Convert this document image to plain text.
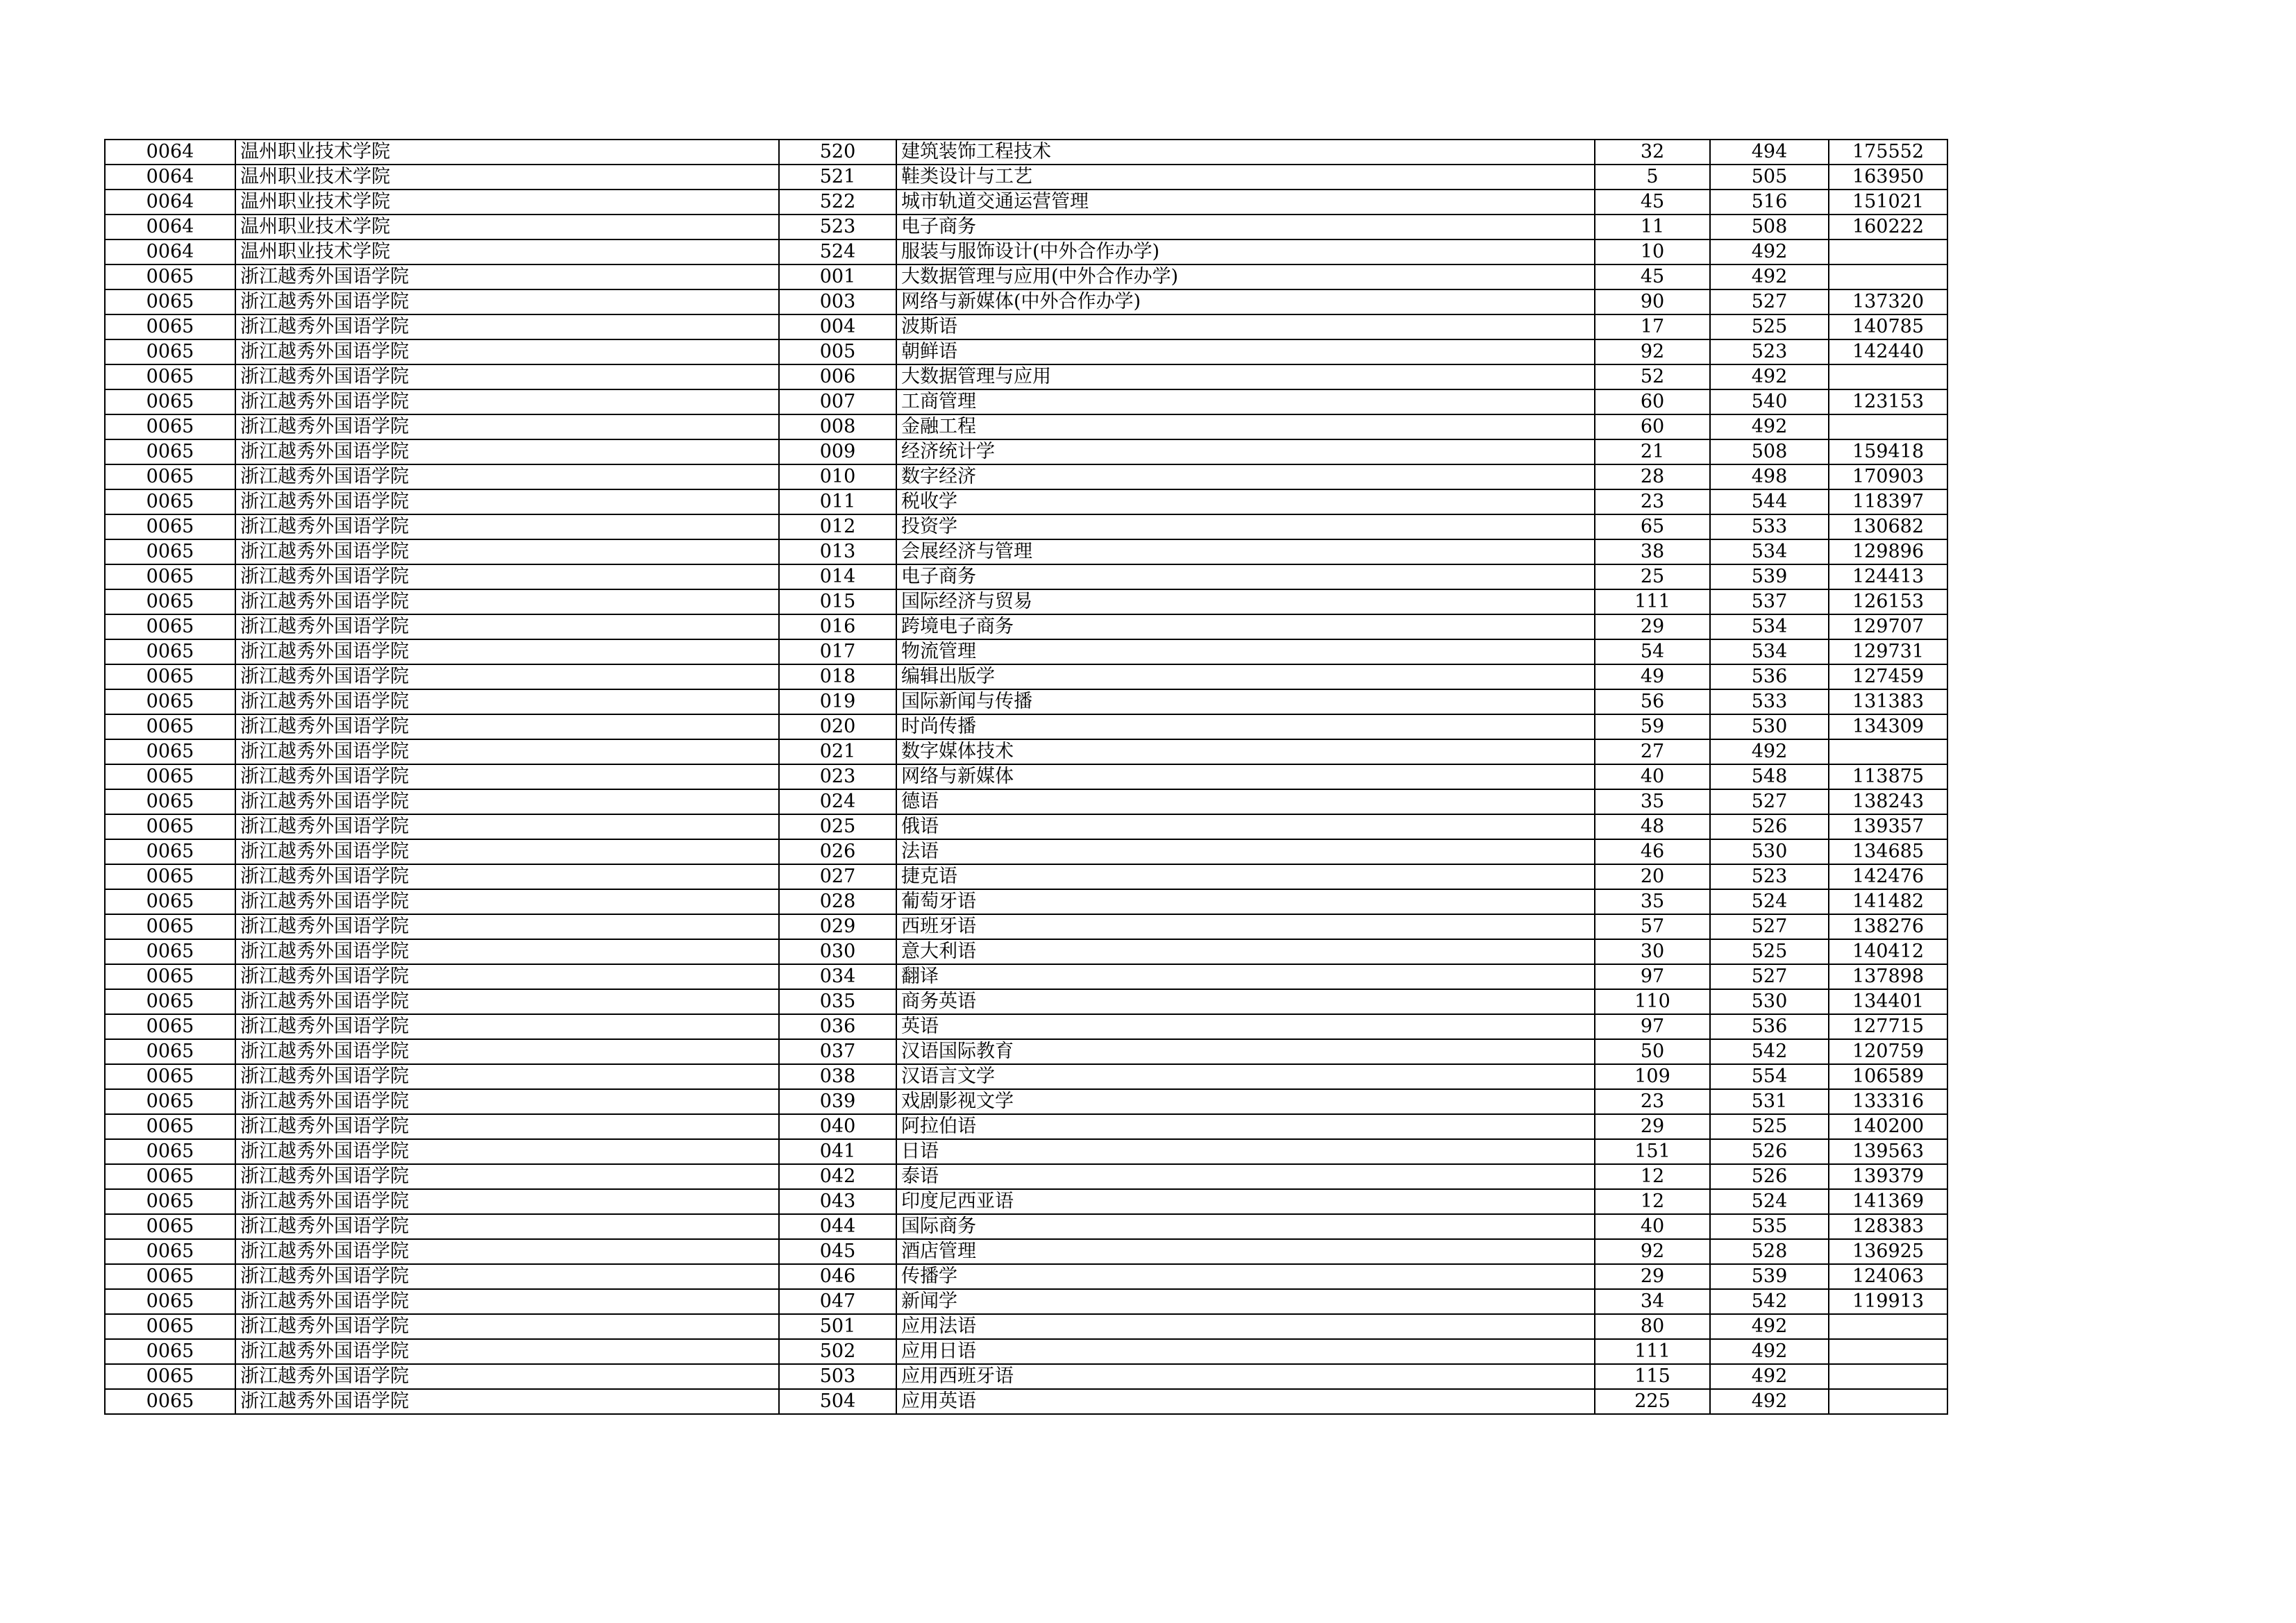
0064	温州职业技术学院	520	建筑装饰工程技术	32	494	175552
0064	温州职业技术学院	521	鞋类设计与工艺	5	505	163950
0064	温州职业技术学院	522	城市轨道交通运营管理	45	516	151021
0064	温州职业技术学院	523	电子商务	11	508	160222
0064	温州职业技术学院	524	服装与服饰设计(中外合作办学)	10	492	
0065	浙江越秀外国语学院	001	大数据管理与应用(中外合作办学)	45	492	
0065	浙江越秀外国语学院	003	网络与新媒体(中外合作办学)	90	527	137320
0065	浙江越秀外国语学院	004	波斯语	17	525	140785
0065	浙江越秀外国语学院	005	朝鲜语	92	523	142440
0065	浙江越秀外国语学院	006	大数据管理与应用	52	492	
0065	浙江越秀外国语学院	007	工商管理	60	540	123153
0065	浙江越秀外国语学院	008	金融工程	60	492	
0065	浙江越秀外国语学院	009	经济统计学	21	508	159418
0065	浙江越秀外国语学院	010	数字经济	28	498	170903
0065	浙江越秀外国语学院	011	税收学	23	544	118397
0065	浙江越秀外国语学院	012	投资学	65	533	130682
0065	浙江越秀外国语学院	013	会展经济与管理	38	534	129896
0065	浙江越秀外国语学院	014	电子商务	25	539	124413
0065	浙江越秀外国语学院	015	国际经济与贸易	111	537	126153
0065	浙江越秀外国语学院	016	跨境电子商务	29	534	129707
0065	浙江越秀外国语学院	017	物流管理	54	534	129731
0065	浙江越秀外国语学院	018	编辑出版学	49	536	127459
0065	浙江越秀外国语学院	019	国际新闻与传播	56	533	131383
0065	浙江越秀外国语学院	020	时尚传播	59	530	134309
0065	浙江越秀外国语学院	021	数字媒体技术	27	492	
0065	浙江越秀外国语学院	023	网络与新媒体	40	548	113875
0065	浙江越秀外国语学院	024	德语	35	527	138243
0065	浙江越秀外国语学院	025	俄语	48	526	139357
0065	浙江越秀外国语学院	026	法语	46	530	134685
0065	浙江越秀外国语学院	027	捷克语	20	523	142476
0065	浙江越秀外国语学院	028	葡萄牙语	35	524	141482
0065	浙江越秀外国语学院	029	西班牙语	57	527	138276
0065	浙江越秀外国语学院	030	意大利语	30	525	140412
0065	浙江越秀外国语学院	034	翻译	97	527	137898
0065	浙江越秀外国语学院	035	商务英语	110	530	134401
0065	浙江越秀外国语学院	036	英语	97	536	127715
0065	浙江越秀外国语学院	037	汉语国际教育	50	542	120759
0065	浙江越秀外国语学院	038	汉语言文学	109	554	106589
0065	浙江越秀外国语学院	039	戏剧影视文学	23	531	133316
0065	浙江越秀外国语学院	040	阿拉伯语	29	525	140200
0065	浙江越秀外国语学院	041	日语	151	526	139563
0065	浙江越秀外国语学院	042	泰语	12	526	139379
0065	浙江越秀外国语学院	043	印度尼西亚语	12	524	141369
0065	浙江越秀外国语学院	044	国际商务	40	535	128383
0065	浙江越秀外国语学院	045	酒店管理	92	528	136925
0065	浙江越秀外国语学院	046	传播学	29	539	124063
0065	浙江越秀外国语学院	047	新闻学	34	542	119913
0065	浙江越秀外国语学院	501	应用法语	80	492	
0065	浙江越秀外国语学院	502	应用日语	111	492	
0065	浙江越秀外国语学院	503	应用西班牙语	115	492	
0065	浙江越秀外国语学院	504	应用英语	225	492	
